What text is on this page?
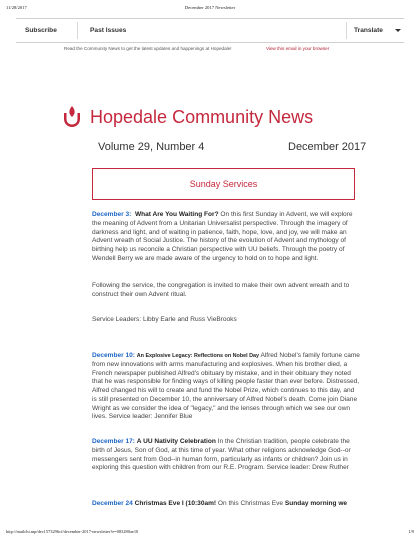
11/28/2017	December 2017 Newsletter
Subscribe	Past Issues	Translate
Read the Community News to get the latest updates and happenings at Hopedale!	View this email in your browser
Hopedale Community News
Volume 29, Number 4	December 2017
Sunday Services

December 3: What Are You Waiting For? On this first Sunday in Advent, we will explore the meaning of Advent from a Unitarian Universalist perspective. Through the imagery of darkness and light, and of waiting in patience, faith, hope, love, and joy, we will make an Advent wreath of Social Justice. The history of the evolution of Advent and mythology of birthing help us reconcile a Christian perspective with UU beliefs. Through the poetry of Wendell Berry we are made aware of the urgency to hold on to hope and light.

Following the service, the congregation is invited to make their own advent wreath and to construct their own Advent ritual.

Service Leaders: Libby Earle and Russ VieBrooks

December 10: An Explosive Legacy: Reflections on Nobel Day Alfred Nobel's family fortune came from new innovations with arms manufacturing and explosives. When his brother died, a French newspaper published Alfred's obituary by mistake, and in their obituary they noted that he was responsible for finding ways of killing people faster than ever before. Distressed, Alfred changed his will to create and fund the Nobel Prize, which continues to this day, and is still presented on December 10, the anniversary of Alfred Nobel's death. Come join Diane Wright as we consider the idea of "legacy," and the lenses through which we see our own lives. Service leader: Jennifer Blue

December 17: A UU Nativity Celebration In the Christian tradition, people celebrate the birth of Jesus, Son of God, at this time of year. What other religions acknowledge God--or messengers sent from God--in human form, particularly as infants or children? Join us in exploring this question with children from our R.E. Program. Service leader: Drew Ruther

December 24 Christmas Eve I (10:30am! On this Christmas Eve Sunday morning we

http://mailchi.mp/dec1573296cf/december-2017-newsletter?e=083280ae10	1/9
